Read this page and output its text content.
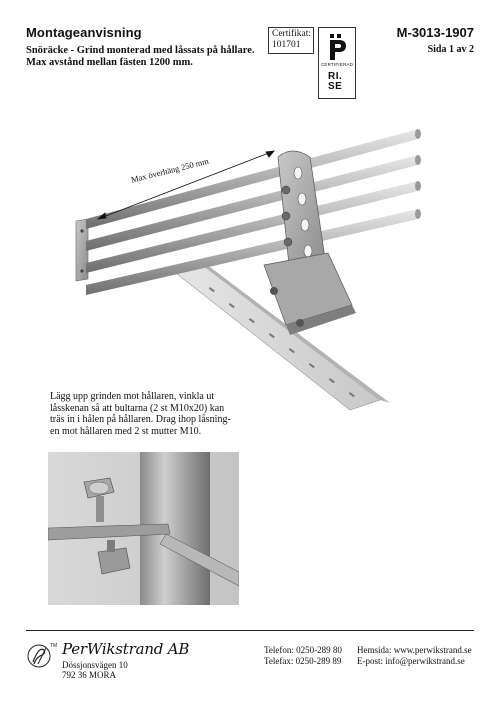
Montageanvisning	M-3013-1907
Sida 1 av 2
Snöräcke - Grind monterad med låssats på hållare.
Max avstånd mellan fästen 1200 mm.
Certifikat:
101701
CERTIFIERAD
RI.
SE
Max överhäng 250 mm
Lägg upp grinden mot hållaren, vinkla ut
låsskenan så att bultarna (2 st M10x20) kan
träs in i hålen på hållaren. Drag ihop låsning-
en mot hållaren med 2 st mutter M10.
TM PerWikstrand AB
Dössjonsvägen 10
792 36 MORA
Telefon: 0250-289 80
Telefax: 0250-289 89
Hemsida: www.perwikstrand.se
E-post: info@perwikstrand.se
